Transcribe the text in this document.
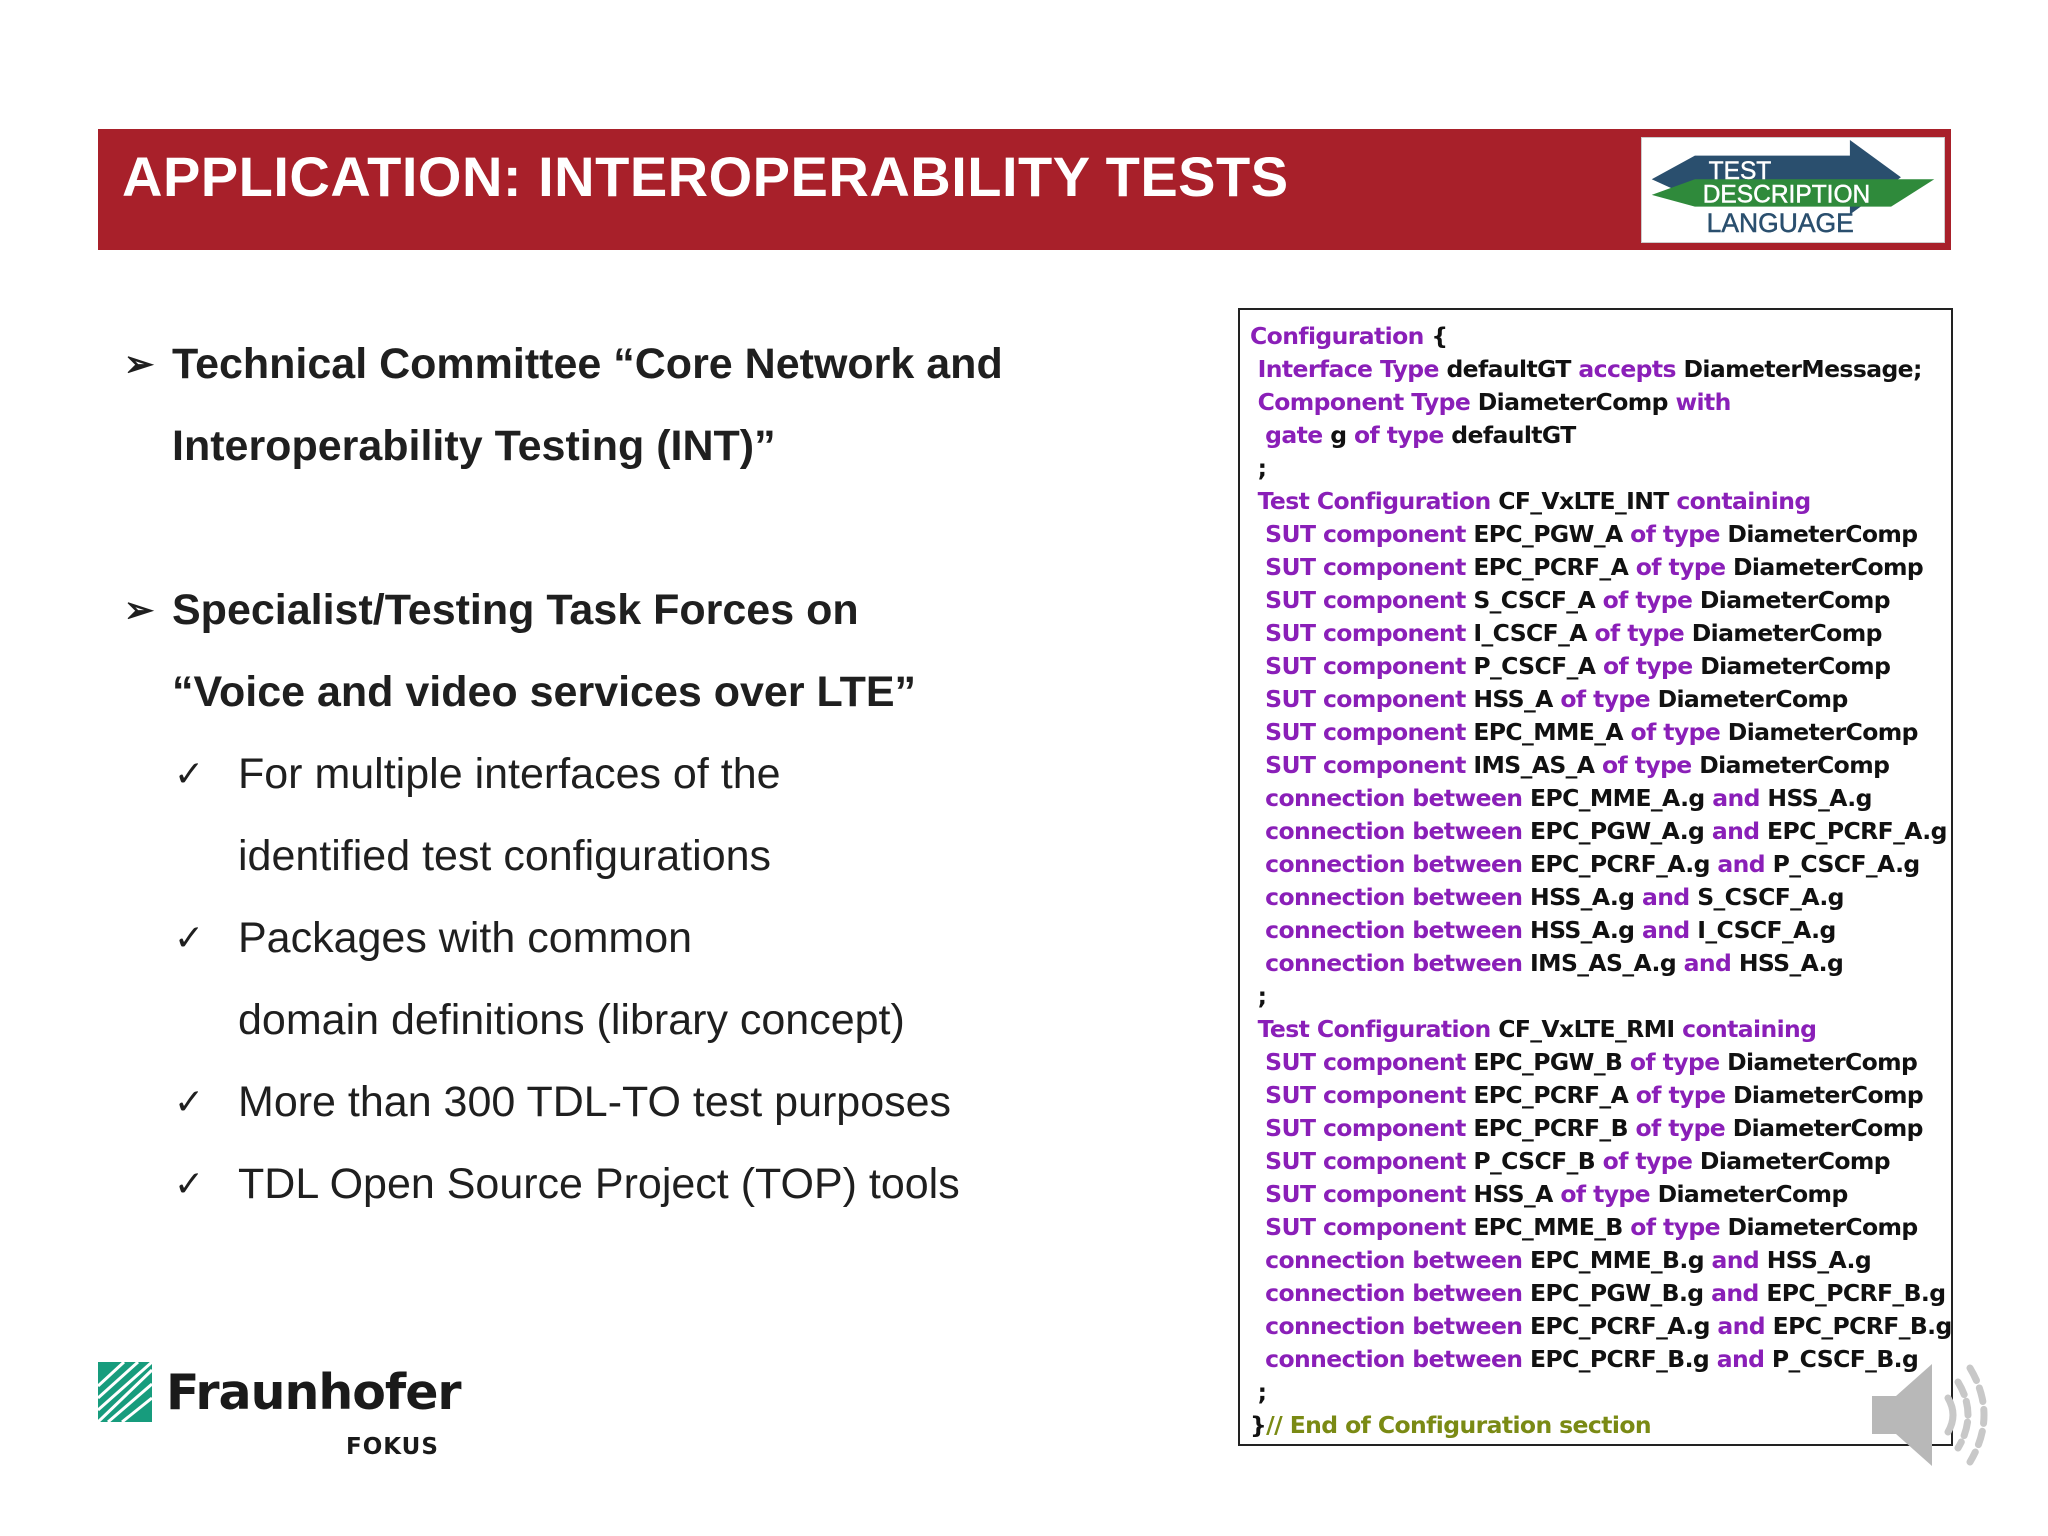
APPLICATION: INTEROPERABILITY TESTS	TEST
DESCRIPTION
LANGUAGE
➢ Technical Committee “Core Network and
Interoperability Testing (INT)”
➢ Specialist/Testing Task Forces on
“Voice and video services over LTE”
✓ For multiple interfaces of the
identified test configurations
✓ Packages with common
domain definitions (library concept)
✓ More than 300 TDL-TO test purposes
✓ TDL Open Source Project (TOP) tools
Configuration {
Interface Type defaultGT accepts DiameterMessage;
Component Type DiameterComp with
gate g of type defaultGT
;
Test Configuration CF_VxLTE_INT containing
SUT component EPC_PGW_A of type DiameterComp
SUT component EPC_PCRF_A of type DiameterComp
SUT component S_CSCF_A of type DiameterComp
SUT component I_CSCF_A of type DiameterComp
SUT component P_CSCF_A of type DiameterComp
SUT component HSS_A of type DiameterComp
SUT component EPC_MME_A of type DiameterComp
SUT component IMS_AS_A of type DiameterComp
connection between EPC_MME_A.g and HSS_A.g
connection between EPC_PGW_A.g and EPC_PCRF_A.g
connection between EPC_PCRF_A.g and P_CSCF_A.g
connection between HSS_A.g and S_CSCF_A.g
connection between HSS_A.g and I_CSCF_A.g
connection between IMS_AS_A.g and HSS_A.g
;
Test Configuration CF_VxLTE_RMI containing
SUT component EPC_PGW_B of type DiameterComp
SUT component EPC_PCRF_A of type DiameterComp
SUT component EPC_PCRF_B of type DiameterComp
SUT component P_CSCF_B of type DiameterComp
SUT component HSS_A of type DiameterComp
SUT component EPC_MME_B of type DiameterComp
connection between EPC_MME_B.g and HSS_A.g
connection between EPC_PGW_B.g and EPC_PCRF_B.g
connection between EPC_PCRF_A.g and EPC_PCRF_B.g
connection between EPC_PCRF_B.g and P_CSCF_B.g
;
}// End of Configuration section
Fraunhofer
FOKUS
